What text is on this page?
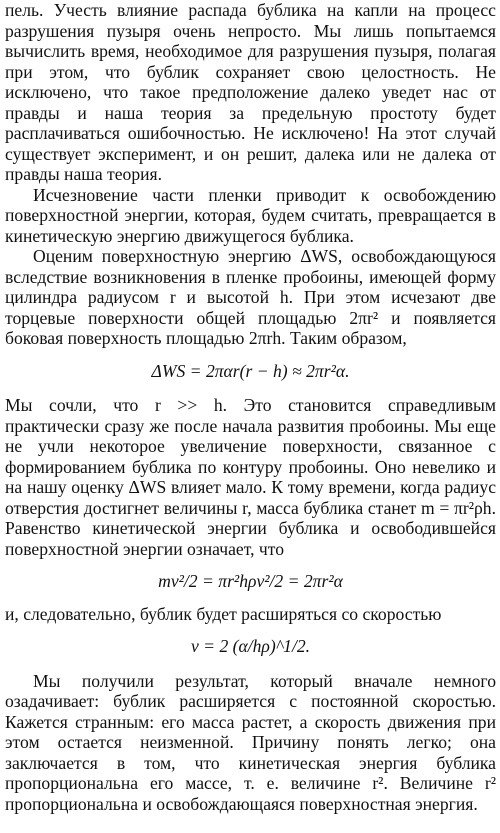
пель. Учесть влияние распада бублика на капли на процесс разрушения пузыря очень непросто. Мы лишь попытаемся вычислить время, необходимое для разрушения пузыря, полагая при этом, что бублик сохраняет свою целостность. Не исключено, что такое предположение далеко уведет нас от правды и наша теория за предельную простоту будет расплачиваться ошибочностью. Не исключено! На этот случай существует эксперимент, и он решит, далека или не далека от правды наша теория.

Исчезновение части пленки приводит к освобождению поверхностной энергии, которая, будем считать, превращается в кинетическую энергию движущегося бублика.

Оценим поверхностную энергию ΔWS, освобождающуюся вследствие возникновения в пленке пробоины, имеющей форму цилиндра радиусом r и высотой h. При этом исчезают две торцевые поверхности общей площадью 2πr² и появляется боковая поверхность площадью 2πrh. Таким образом,

ΔWS = 2παr(r − h) ≈ 2πr²α.

Мы сочли, что r >> h. Это становится справедливым практически сразу же после начала развития пробоины. Мы еще не учли некоторое увеличение поверхности, связанное с формированием бублика по контуру пробоины. Оно невелико и на нашу оценку ΔWS влияет мало. К тому времени, когда радиус отверстия достигнет величины r, масса бублика станет m = πr²ρh. Равенство кинетической энергии бублика и освободившейся поверхностной энергии означает, что

mv²/2 = πr²hρv²/2 = 2πr²α

и, следовательно, бублик будет расширяться со скоростью

v = 2 (α/hρ)^1/2.

Мы получили результат, который вначале немного озадачивает: бублик расширяется с постоянной скоростью. Кажется странным: его масса растет, а скорость движения при этом остается неизменной. Причину понять легко; она заключается в том, что кинетическая энергия бублика пропорциональна его массе, т. е. величине r². Величине r² пропорциональна и освобождающаяся поверхностная энергия.
